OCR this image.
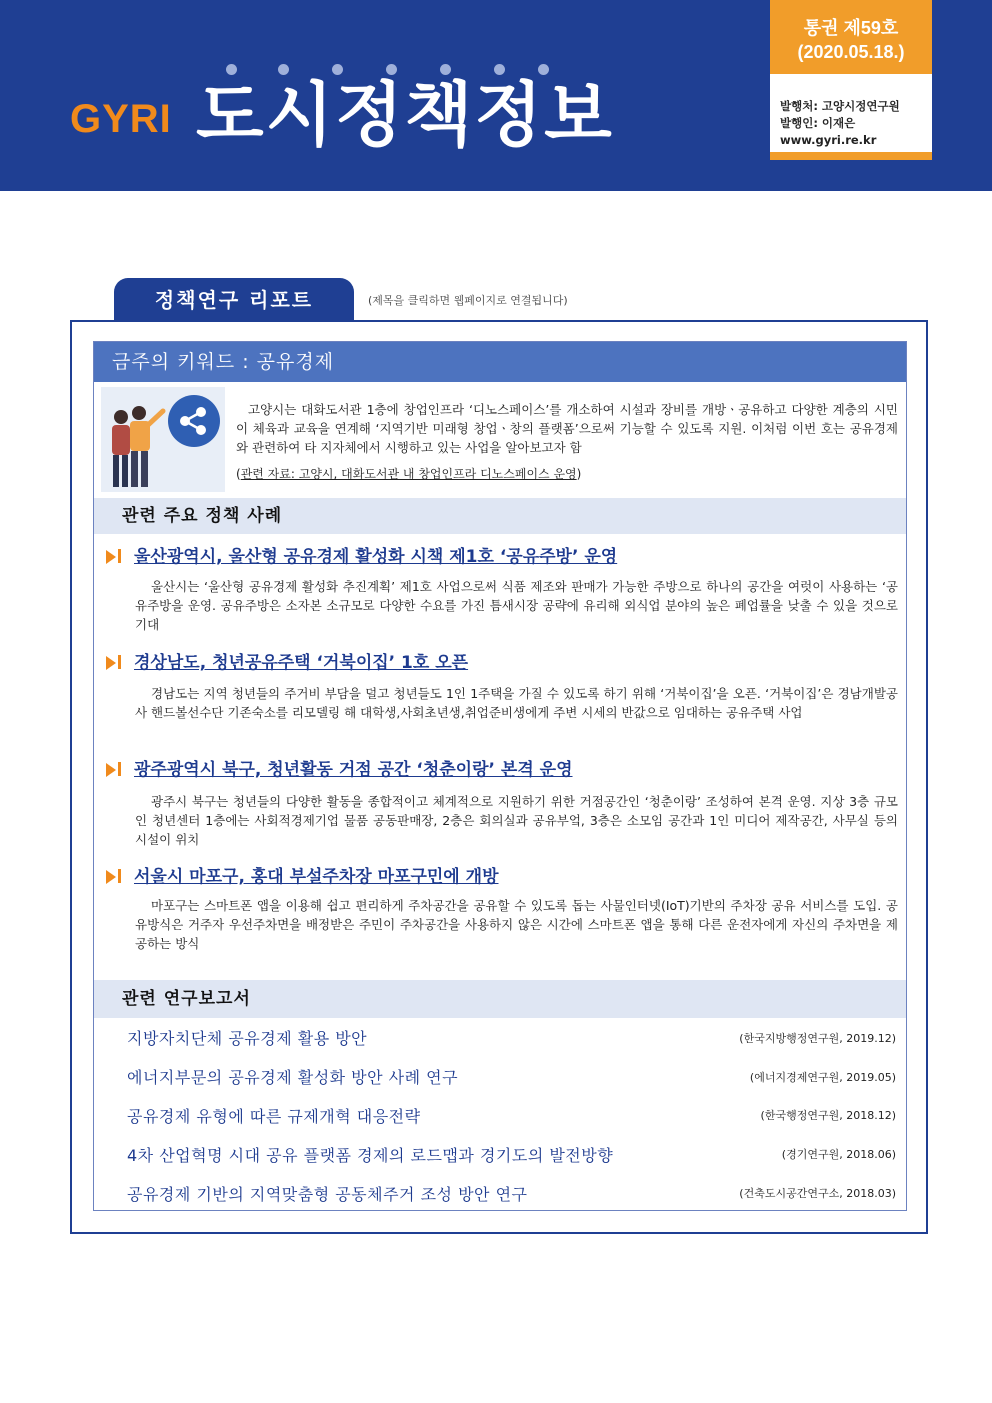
GYRI 도시정책정보
통권 제59호
(2020.05.18.)
발행처: 고양시정연구원
발행인: 이재은
www.gyri.re.kr
정책연구 리포트	(제목을 클릭하면 웹페이지로 연결됩니다)
금주의 키워드 : 공유경제
고양시는 대화도서관 1층에 창업인프라 ‘디노스페이스’를 개소하여 시설과 장비를 개방ㆍ공유하고 다양한 계층의 시민이 체육과 교육을 연계해 ‘지역기반 미래형 창업ㆍ창의 플랫폼’으로써 기능할 수 있도록 지원. 이처럼 이번 호는 공유경제와 관련하여 타 지자체에서 시행하고 있는 사업을 알아보고자 함
(관련 자료: 고양시, 대화도서관 내 창업인프라 디노스페이스 운영)
관련 주요 정책 사례
울산광역시, 울산형 공유경제 활성화 시책 제1호 ‘공유주방’ 운영
울산시는 ‘울산형 공유경제 활성화 추진계획’ 제1호 사업으로써 식품 제조와 판매가 가능한 주방으로 하나의 공간을 여럿이 사용하는 ‘공유주방을 운영. 공유주방은 소자본 소규모로 다양한 수요를 가진 틈새시장 공략에 유리해 외식업 분야의 높은 폐업률을 낮출 수 있을 것으로 기대
경상남도, 청년공유주택 ‘거북이집’ 1호 오픈
경남도는 지역 청년들의 주거비 부담을 덜고 청년들도 1인 1주택을 가질 수 있도록 하기 위해 ‘거북이집’을 오픈. ‘거북이집’은 경남개발공사 핸드볼선수단 기존숙소를 리모델링 해 대학생,사회초년생,취업준비생에게 주변 시세의 반값으로 임대하는 공유주택 사업
광주광역시 북구, 청년활동 거점 공간 ‘청춘이랑’ 본격 운영
광주시 북구는 청년들의 다양한 활동을 종합적이고 체계적으로 지원하기 위한 거점공간인 ‘청춘이랑’ 조성하여 본격 운영. 지상 3층 규모인 청년센터 1층에는 사회적경제기업 물품 공동판매장, 2층은 회의실과 공유부엌, 3층은 소모임 공간과 1인 미디어 제작공간, 사무실 등의 시설이 위치
서울시 마포구, 홍대 부설주차장 마포구민에 개방
마포구는 스마트폰 앱을 이용해 쉽고 편리하게 주차공간을 공유할 수 있도록 돕는 사물인터넷(IoT)기반의 주차장 공유 서비스를 도입. 공유방식은 거주자 우선주차면을 배정받은 주민이 주차공간을 사용하지 않은 시간에 스마트폰 앱을 통해 다른 운전자에게 자신의 주차면을 제공하는 방식
관련 연구보고서
지방자치단체 공유경제 활용 방안	(한국지방행정연구원, 2019.12)
에너지부문의 공유경제 활성화 방안 사례 연구	(에너지경제연구원, 2019.05)
공유경제 유형에 따른 규제개혁 대응전략	(한국행정연구원, 2018.12)
4차 산업혁명 시대 공유 플랫폼 경제의 로드맵과 경기도의 발전방향	(경기연구원, 2018.06)
공유경제 기반의 지역맞춤형 공동체주거 조성 방안 연구	(건축도시공간연구소, 2018.03)
